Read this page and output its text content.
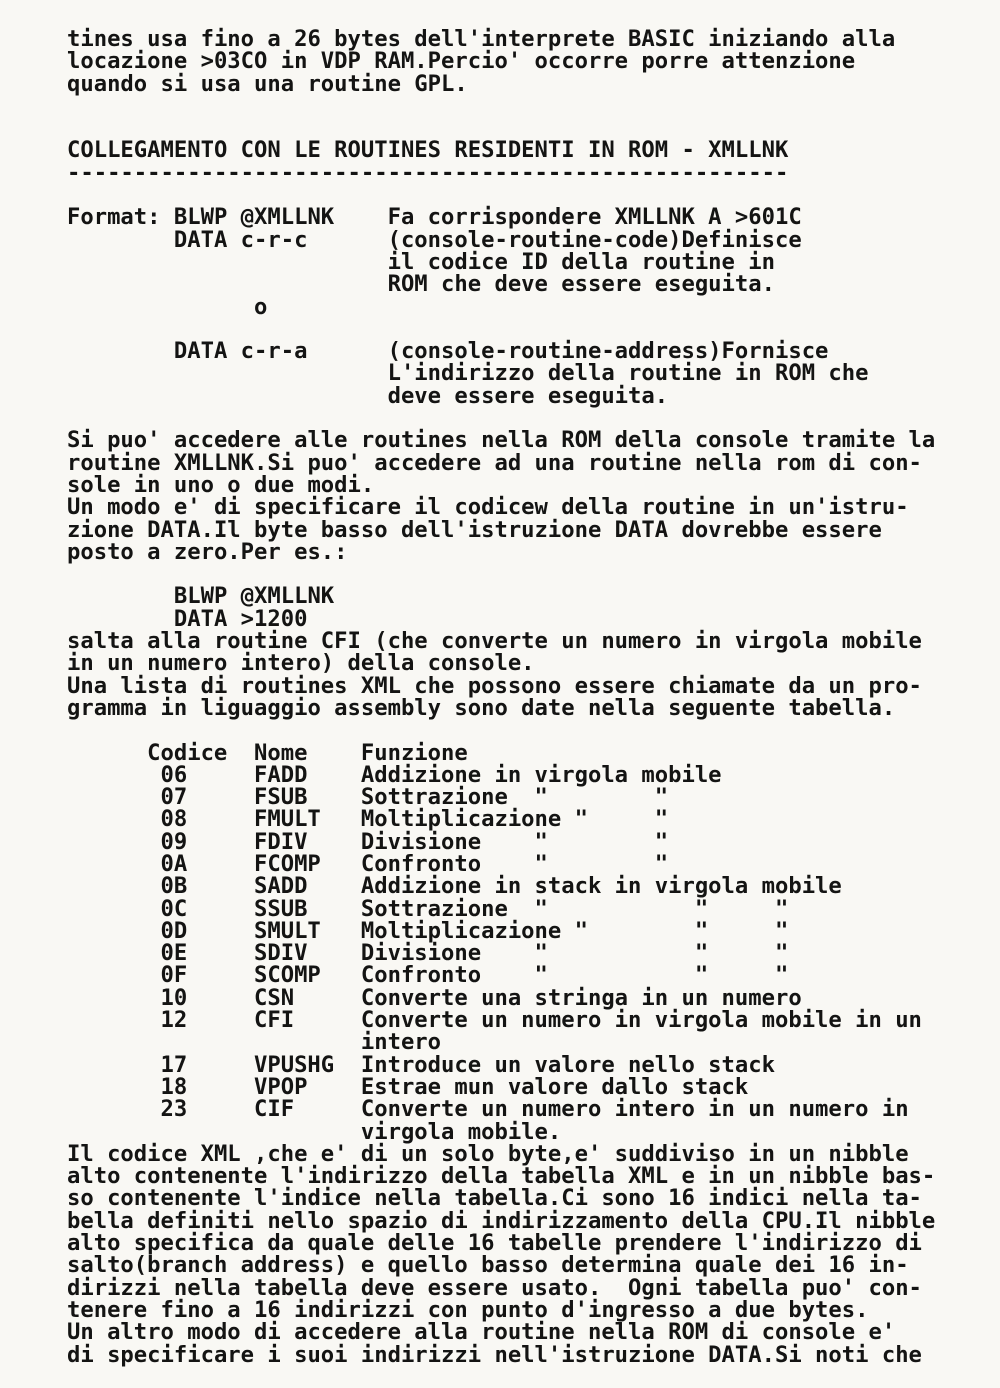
tines usa fino a 26 bytes dell'interprete BASIC iniziando alla
locazione >03CO in VDP RAM.Percio' occorre porre attenzione
quando si usa una routine GPL.
COLLEGAMENTO CON LE ROUTINES RESIDENTI IN ROM - XMLLNK
------------------------------------------------------
Format: BLWP @XMLLNK    Fa corrispondere XMLLNK A >601C
DATA c-r-c      (console-routine-code)Definisce
il codice ID della routine in
ROM che deve essere eseguita.
o
DATA c-r-a      (console-routine-address)Fornisce
L'indirizzo della routine in ROM che
deve essere eseguita.
Si puo' accedere alle routines nella ROM della console tramite la
routine XMLLNK.Si puo' accedere ad una routine nella rom di con-
sole in uno o due modi.
Un modo e' di specificare il codicew della routine in un'istru-
zione DATA.Il byte basso dell'istruzione DATA dovrebbe essere
posto a zero.Per es.:
BLWP @XMLLNK
DATA >1200
salta alla routine CFI (che converte un numero in virgola mobile
in un numero intero) della console.
Una lista di routines XML che possono essere chiamate da un pro-
gramma in liguaggio assembly sono date nella seguente tabella.
Codice Nome Funzione
06	FADD Addizione in virgola mobile
07	FSUB Sottrazione  "        "
08	FMULT Moltiplicazione "     "
09	FDIV Divisione    "        "
0A	FCOMP Confronto    "        "
0B	SADD Addizione in stack in virgola mobile
0C	SSUB Sottrazione  "           "     "
0D	SMULT Moltiplicazione "        "     "
0E	SDIV Divisione    "           "     "
0F	SCOMP Confronto    "           "     "
10	CSN	Converte una stringa in un numero
12	CFI	Converte un numero in virgola mobile in un
intero
17	VPUSHG Introduce un valore nello stack
18	VPOP Estrae mun valore dallo stack
23	CIF	Converte un numero intero in un numero in
virgola mobile.
Il codice XML ,che e' di un solo byte,e' suddiviso in un nibble
alto contenente l'indirizzo della tabella XML e in un nibble bas-
so contenente l'indice nella tabella.Ci sono 16 indici nella ta-
bella definiti nello spazio di indirizzamento della CPU.Il nibble
alto specifica da quale delle 16 tabelle prendere l'indirizzo di
salto(branch address) e quello basso determina quale dei 16 in-
dirizzi nella tabella deve essere usato.  Ogni tabella puo' con-
tenere fino a 16 indirizzi con punto d'ingresso a due bytes.
Un altro modo di accedere alla routine nella ROM di console e'
di specificare i suoi indirizzi nell'istruzione DATA.Si noti che
